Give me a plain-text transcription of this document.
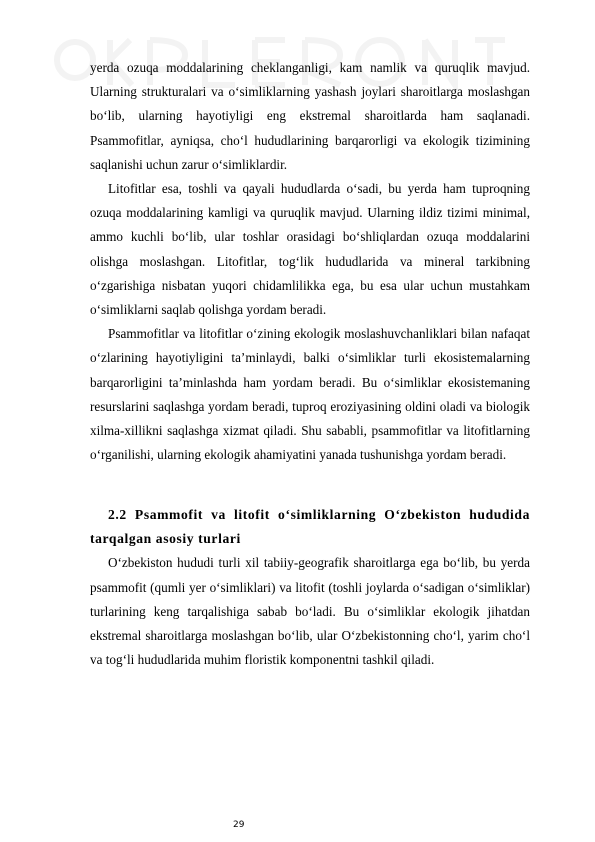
yerda ozuqa moddalarining cheklanganligi, kam namlik va quruqlik mavjud. Ularning strukturalari va o‘simliklarning yashash joylari sharoitlarga moslashgan bo‘lib, ularning hayotiyligi eng ekstremal sharoitlarda ham saqlanadi. Psammofitlar, ayniqsa, cho‘l hududlarining barqarorligi va ekologik tizimining saqlanishi uchun zarur o‘simliklardir.

Litofitlar esa, toshli va qayali hududlarda o‘sadi, bu yerda ham tuproqning ozuqa moddalarining kamligi va quruqlik mavjud. Ularning ildiz tizimi minimal, ammo kuchli bo‘lib, ular toshlar orasidagi bo‘shliqlardan ozuqa moddalarini olishga moslashgan. Litofitlar, tog‘lik hududlarida va mineral tarkibning o‘zgarishiga nisbatan yuqori chidamlilikka ega, bu esa ular uchun mustahkam o‘simliklarni saqlab qolishga yordam beradi.

Psammofitlar va litofitlar o‘zining ekologik moslashuvchanliklari bilan nafaqat o‘zlarining hayotiyligini ta’minlaydi, balki o‘simliklar turli ekosistemalarning barqarorligini ta’minlashda ham yordam beradi. Bu o‘simliklar ekosistemaning resurslarini saqlashga yordam beradi, tuproq eroziyasining oldini oladi va biologik xilma-xillikni saqlashga xizmat qiladi. Shu sababli, psammofitlar va litofitlarning o‘rganilishi, ularning ekologik ahamiyatini yanada tushunishga yordam beradi.

2.2 Psammofit va litofit o‘simliklarning O‘zbekiston hududida tarqalgan asosiy turlari

O‘zbekiston hududi turli xil tabiiy-geografik sharoitlarga ega bo‘lib, bu yerda psammofit (qumli yer o‘simliklari) va litofit (toshli joylarda o‘sadigan o‘simliklar) turlarining keng tarqalishiga sabab bo‘ladi. Bu o‘simliklar ekologik jihatdan ekstremal sharoitlarga moslashgan bo‘lib, ular O‘zbekistonning cho‘l, yarim cho‘l va tog‘li hududlarida muhim floristik komponentni tashkil qiladi.

29
